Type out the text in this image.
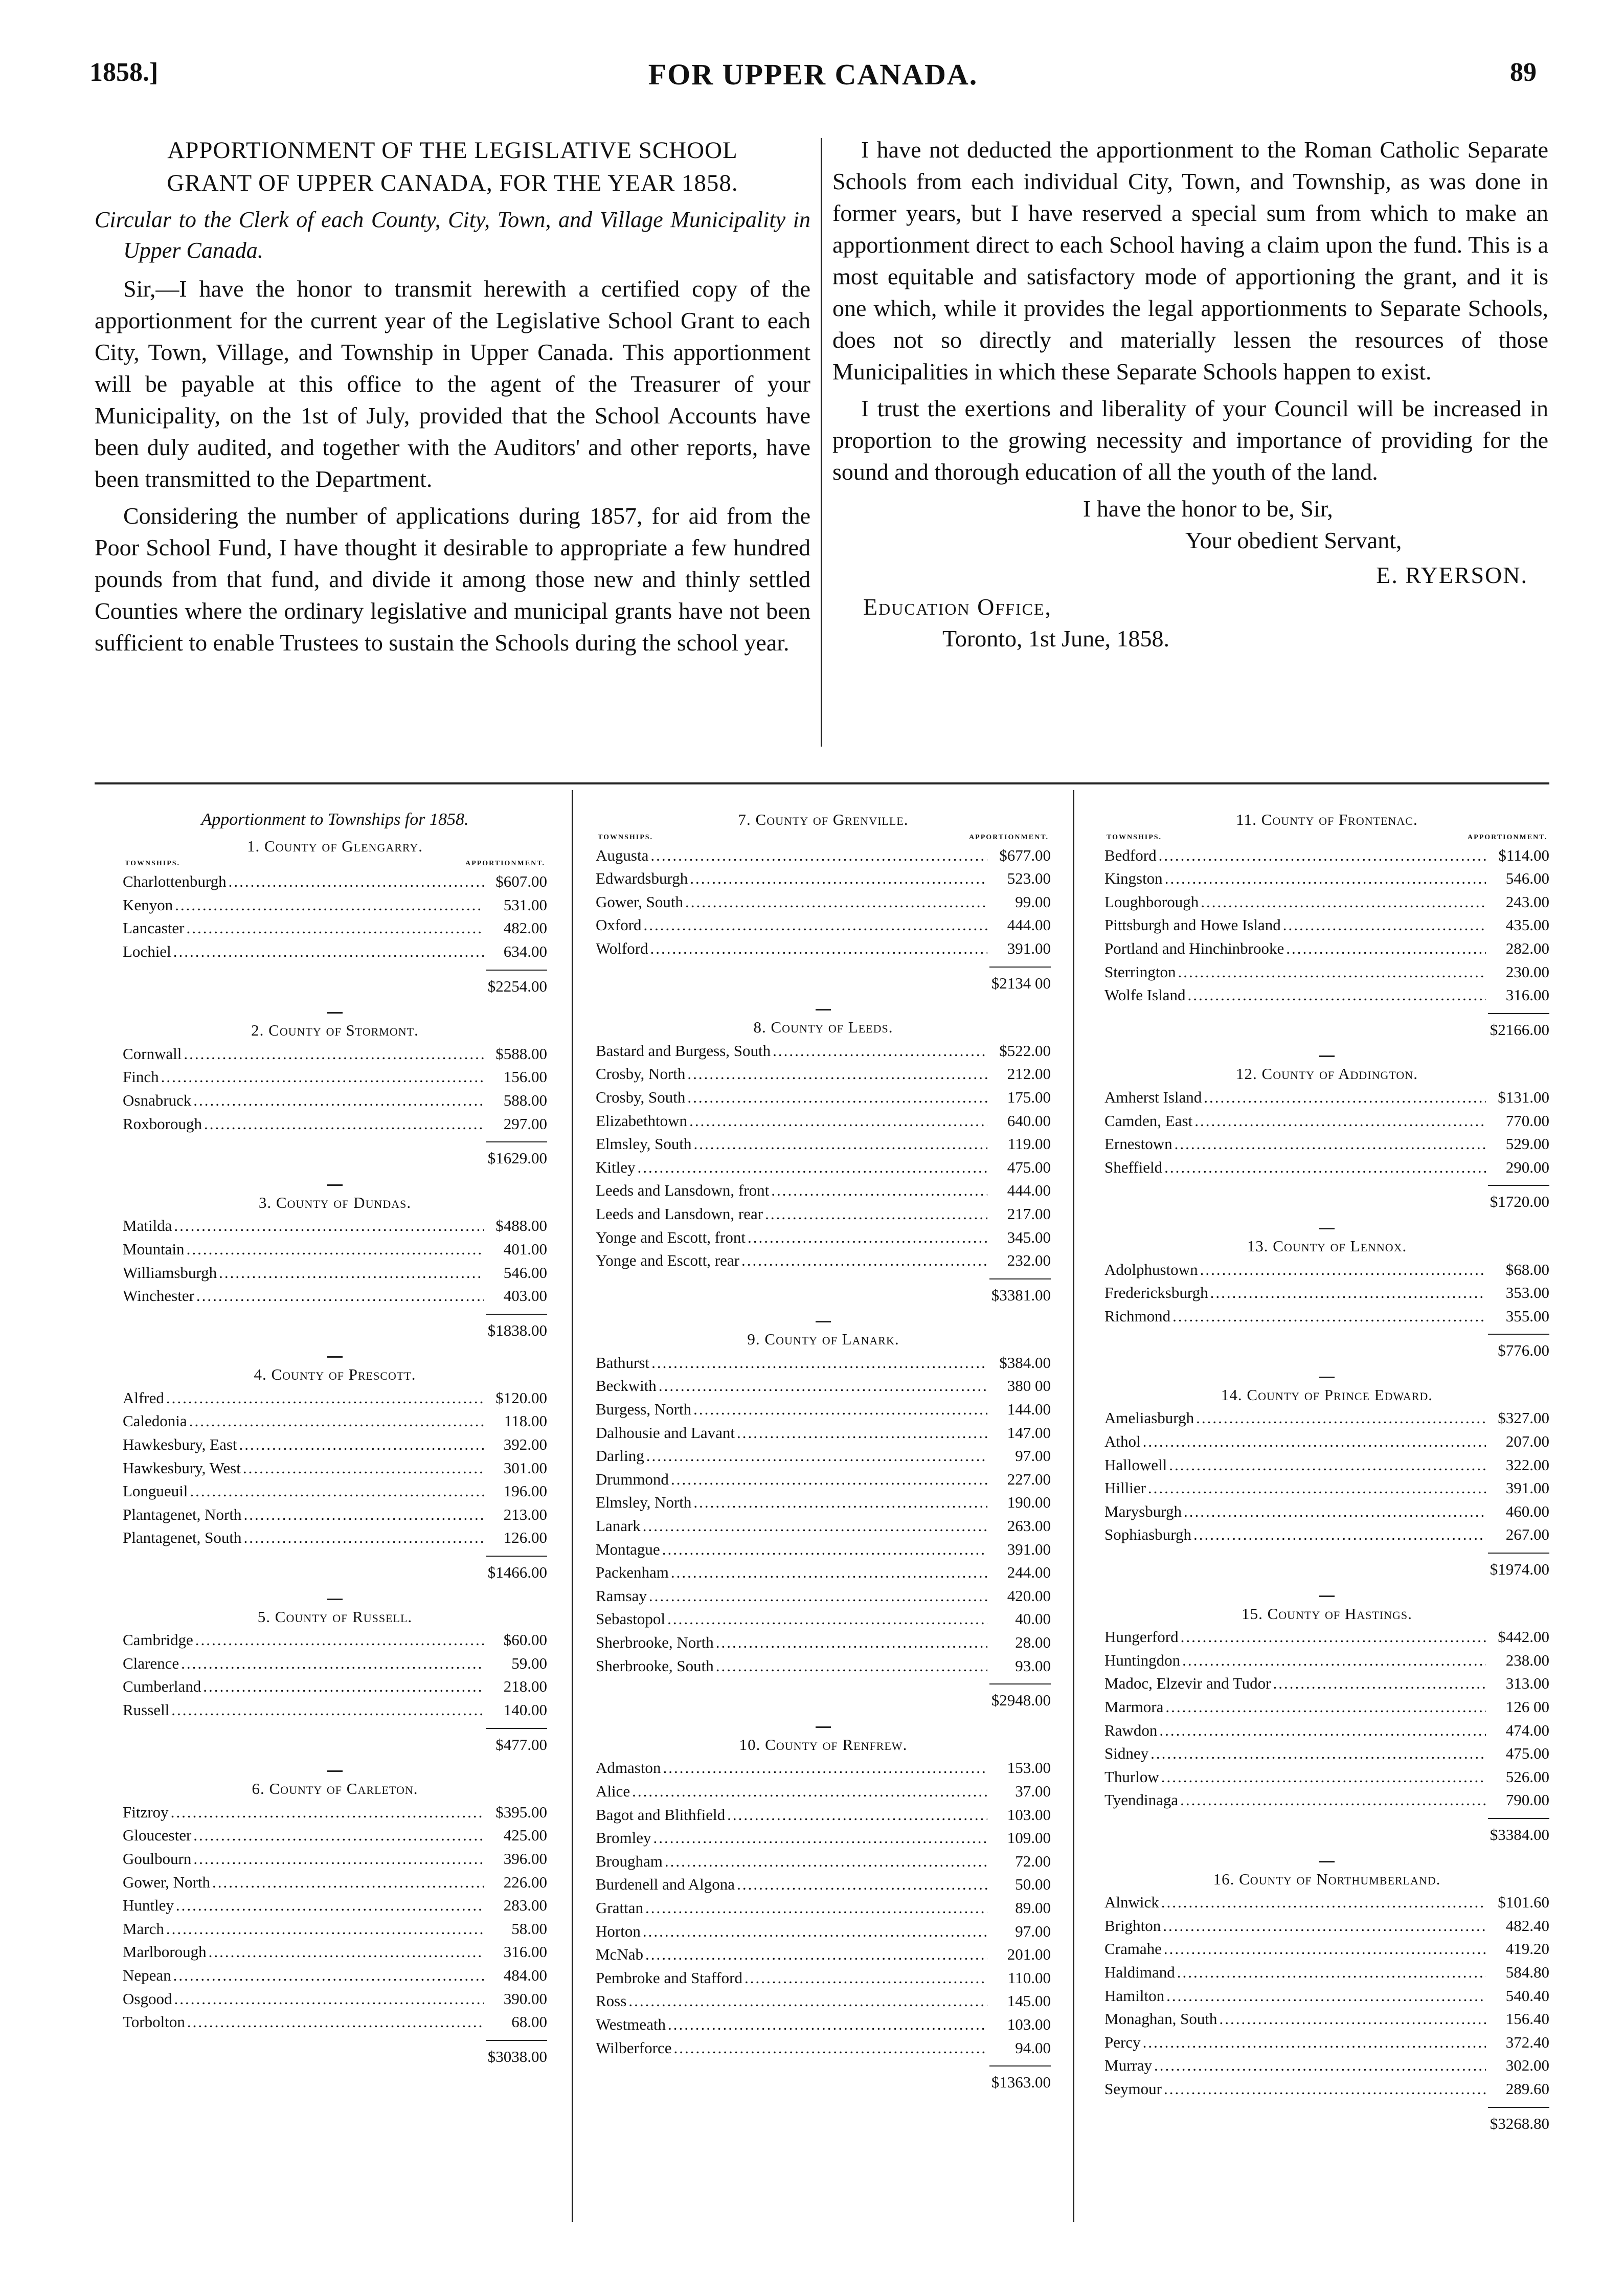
1858.]	FOR UPPER CANADA.	89
APPORTIONMENT OF THE LEGISLATIVE SCHOOL
GRANT OF UPPER CANADA, FOR THE YEAR 1858.
Circular to the Clerk of each County, City, Town, and Village Municipality in Upper Canada.

Sir,—I have the honor to transmit herewith a certified copy of the apportionment for the current year of the Legislative School Grant to each City, Town, Village, and Township in Upper Canada. This apportionment will be payable at this office to the agent of the Treasurer of your Municipality, on the 1st of July, provided that the School Accounts have been duly audited, and together with the Auditors' and other reports, have been transmitted to the Department.

Considering the number of applications during 1857, for aid from the Poor School Fund, I have thought it desirable to appropriate a few hundred pounds from that fund, and divide it among those new and thinly settled Counties where the ordinary legislative and municipal grants have not been sufficient to enable Trustees to sustain the Schools during the school year.

I have not deducted the apportionment to the Roman Catholic Separate Schools from each individual City, Town, and Township, as was done in former years, but I have reserved a special sum from which to make an apportionment direct to each School having a claim upon the fund. This is a most equitable and satisfactory mode of apportioning the grant, and it is one which, while it provides the legal apportionments to Separate Schools, does not so directly and materially lessen the resources of those Municipalities in which these Separate Schools happen to exist.

I trust the exertions and liberality of your Council will be increased in proportion to the growing necessity and importance of providing for the sound and thorough education of all the youth of the land.

I have the honor to be, Sir,
Your obedient Servant,
E. RYERSON.
Education Office,
Toronto, 1st June, 1858.
Apportionment to Townships for 1858.
1. County of Glengarry.
TOWNSHIPS.	APPORTIONMENT.
Charlottenburgh .....	$607.00
Kenyon .....	531.00
Lancaster .....	482.00
Lochiel .....	634.00
$2254.00
2. County of Stormont.
Cornwall .....	$588.00
Finch .....	156.00
Osnabruck .....	588.00
Roxborough .....	297.00
$1629.00
3. County of Dundas.
Matilda .....	$488.00
Mountain .....	401.00
Williamsburgh .....	546.00
Winchester .....	403.00
$1838.00
4. County of Prescott.
Alfred .....	$120.00
Caledonia .....	118.00
Hawkesbury, East .....	392.00
Hawkesbury, West .....	301.00
Longueuil .....	196.00
Plantagenet, North .....	213.00
Plantagenet, South .....	126.00
$1466.00
5. County of Russell.
Cambridge .....	$60.00
Clarence .....	59.00
Cumberland .....	218.00
Russell .....	140.00
$477.00
6. County of Carleton.
Fitzroy .....	$395.00
Gloucester .....	425.00
Goulbourn .....	396.00
Gower, North .....	226.00
Huntley .....	283.00
March .....	58.00
Marlborough .....	316.00
Nepean .....	484.00
Osgood .....	390.00
Torbolton .....	68.00
$3038.00
7. County of Grenville.
TOWNSHIPS.	APPORTIONMENT.
Augusta .....	$677.00
Edwardsburgh .....	523.00
Gower, South .....	99.00
Oxford .....	444.00
Wolford .....	391.00
$2134 00
8. County of Leeds.
Bastard and Burgess, South .....	$522.00
Crosby, North .....	212.00
Crosby, South .....	175.00
Elizabethtown .....	640.00
Elmsley, South .....	119.00
Kitley .....	475.00
Leeds and Lansdown, front .....	444.00
Leeds and Lansdown, rear .....	217.00
Yonge and Escott, front .....	345.00
Yonge and Escott, rear .....	232.00
$3381.00
9. County of Lanark.
Bathurst .....	$384.00
Beckwith .....	380 00
Burgess, North .....	144.00
Dalhousie and Lavant .....	147.00
Darling .....	97.00
Drummond .....	227.00
Elmsley, North .....	190.00
Lanark .....	263.00
Montague .....	391.00
Packenham .....	244.00
Ramsay .....	420.00
Sebastopol .....	40.00
Sherbrooke, North .....	28.00
Sherbrooke, South .....	93.00
$2948.00
10. County of Renfrew.
Admaston .....	153.00
Alice .....	37.00
Bagot and Blithfield .....	103.00
Bromley .....	109.00
Brougham .....	72.00
Burdenell and Algona .....	50.00
Grattan .....	89.00
Horton .....	97.00
McNab .....	201.00
Pembroke and Stafford .....	110.00
Ross .....	145.00
Westmeath .....	103.00
Wilberforce .....	94.00
$1363.00
11. County of Frontenac.
TOWNSHIPS.	APPORTIONMENT.
Bedford .....	$114.00
Kingston .....	546.00
Loughborough .....	243.00
Pittsburgh and Howe Island .....	435.00
Portland and Hinchinbrooke .....	282.00
Sterrington .....	230.00
Wolfe Island .....	316.00
$2166.00
12. County of Addington.
Amherst Island .....	$131.00
Camden, East .....	770.00
Ernestown .....	529.00
Sheffield .....	290.00
$1720.00
13. County of Lennox.
Adolphustown .....	$68.00
Fredericksburgh .....	353.00
Richmond .....	355.00
$776.00
14. County of Prince Edward.
Ameliasburgh .....	$327.00
Athol .....	207.00
Hallowell .....	322.00
Hillier .....	391.00
Marysburgh .....	460.00
Sophiasburgh .....	267.00
$1974.00
15. County of Hastings.
Hungerford .....	$442.00
Huntingdon .....	238.00
Madoc, Elzevir and Tudor .....	313.00
Marmora .....	126 00
Rawdon .....	474.00
Sidney .....	475.00
Thurlow .....	526.00
Tyendinaga .....	790.00
$3384.00
16. County of Northumberland.
Alnwick .....	$101.60
Brighton .....	482.40
Cramahe .....	419.20
Haldimand .....	584.80
Hamilton .....	540.40
Monaghan, South .....	156.40
Percy .....	372.40
Murray .....	302.00
Seymour .....	289.60
$3268.80
